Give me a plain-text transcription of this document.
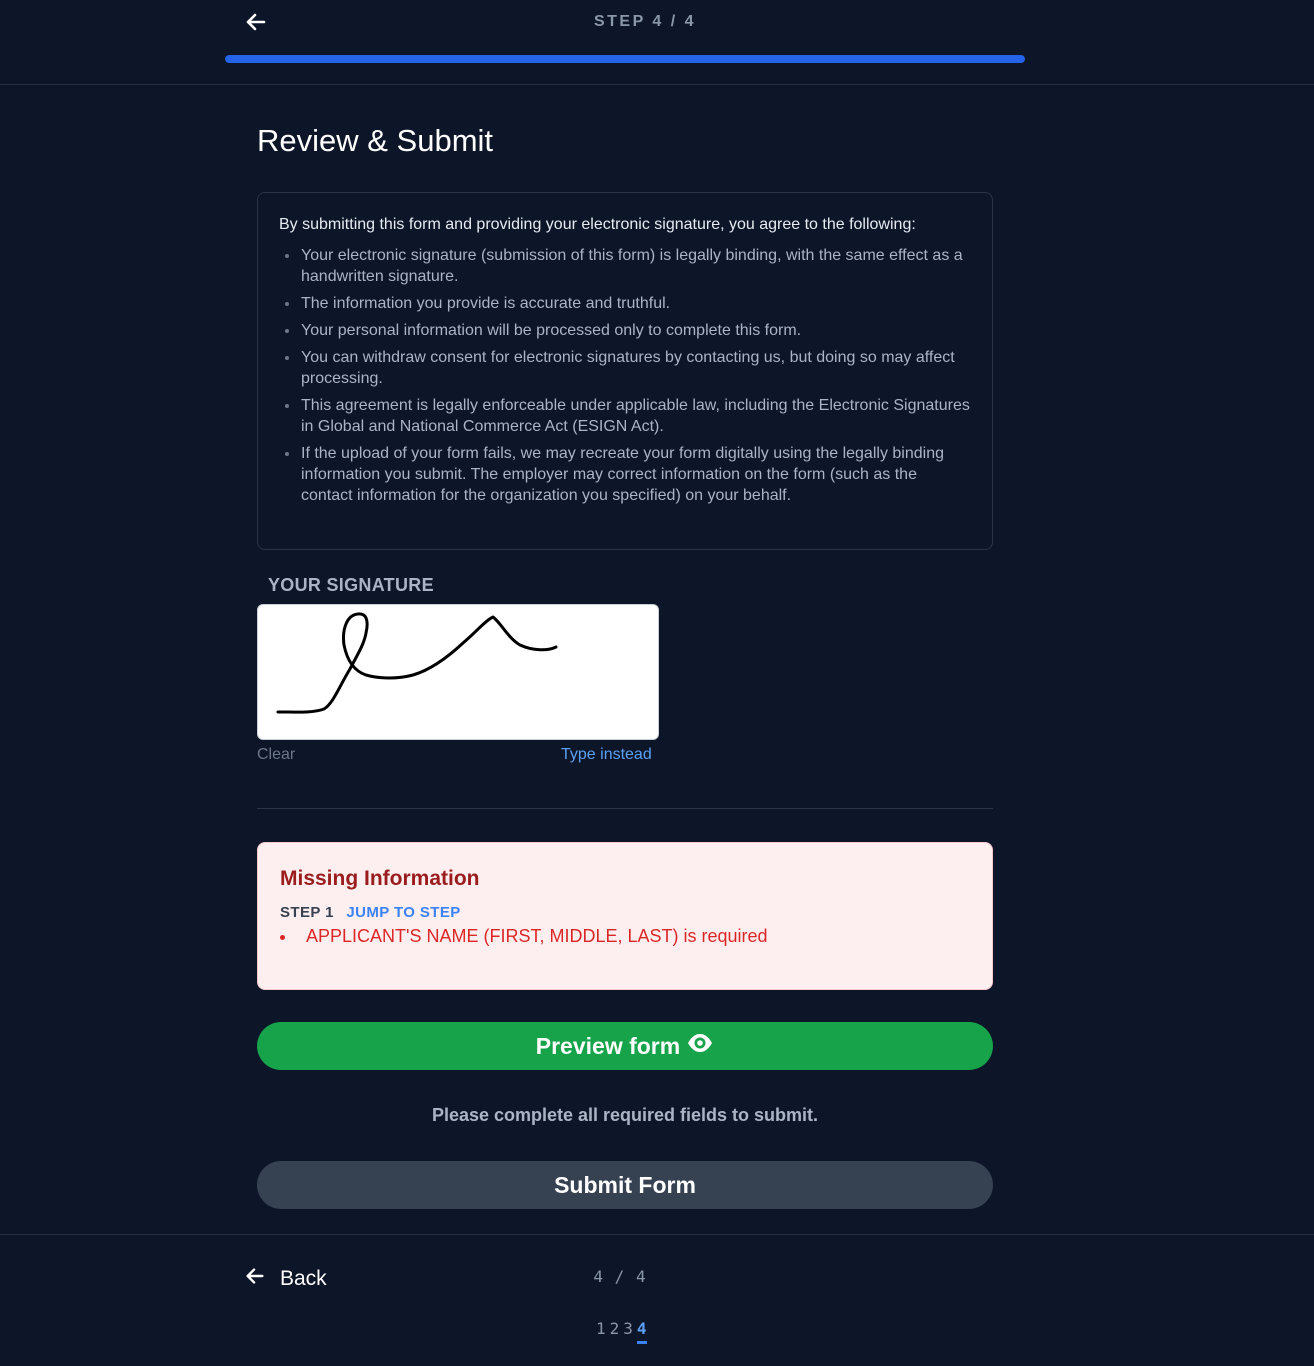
STEP 4 / 4
Review & Submit

By submitting this form and providing your electronic signature, you agree to the following:

Your electronic signature (submission of this form) is legally binding, with the same effect as a handwritten signature.
The information you provide is accurate and truthful.
Your personal information will be processed only to complete this form.
You can withdraw consent for electronic signatures by contacting us, but doing so may affect processing.
This agreement is legally enforceable under applicable law, including the Electronic Signatures in Global and National Commerce Act (ESIGN Act).
If the upload of your form fails, we may recreate your form digitally using the legally binding information you submit. The employer may correct information on the form (such as the contact information for the organization you specified) on your behalf.
YOUR SIGNATURE
Clear	Type instead
Missing Information
STEP 1 JUMP TO STEP
APPLICANT'S NAME (FIRST, MIDDLE, LAST) is required
Preview form
Please complete all required fields to submit.
Submit Form
Back	4 / 4
1 2 3 4
